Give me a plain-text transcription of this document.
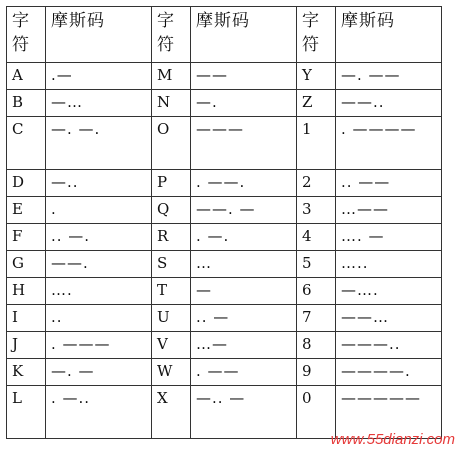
字符	摩斯码	字符	摩斯码	字符	摩斯码
A	.—	M	——	Y	—. ——
B	—…	N	—.	Z	——..
C	—. —.	O	———	1	. ————
D	—..	P	. ——.	2	.. ——
E	.	Q	——. —	3	…——
F	.. —.	R	. —.	4	…. —
G	——.	S	…	5	…..
H	….	T	—	6	—….
I	..	U	.. —	7	——…
J	. ———	V	…—	8	———..
K	—. —	W	. ——	9	————.
L	. —..	X	—.. —	0	—————
www.55dianzi.com
